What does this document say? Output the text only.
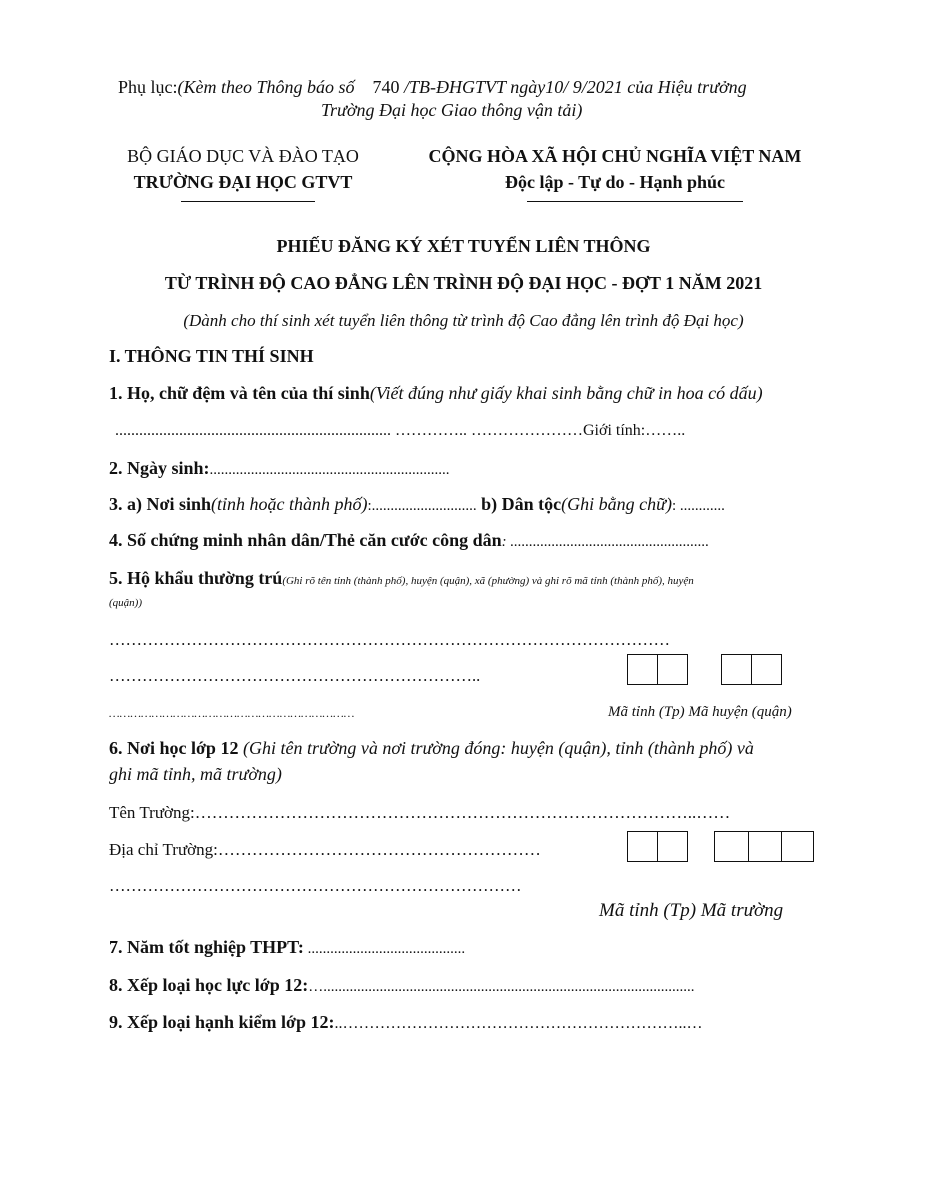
Phụ lục:(Kèm theo Thông báo số 740 /TB-ĐHGTVT ngày10/ 9/2021 của Hiệu trưởng
Trường Đại học Giao thông vận tải)
BỘ GIÁO DỤC VÀ ĐÀO TẠO
TRƯỜNG ĐẠI HỌC GTVT
CỘNG HÒA XÃ HỘI CHỦ NGHĨA VIỆT NAM
Độc lập - Tự do - Hạnh phúc
PHIẾU ĐĂNG KÝ XÉT TUYỂN LIÊN THÔNG
TỪ TRÌNH ĐỘ CAO ĐẲNG LÊN TRÌNH ĐỘ ĐẠI HỌC - ĐỢT 1 NĂM 2021
(Dành cho thí sinh xét tuyển liên thông từ trình độ Cao đẳng lên trình độ Đại học)
I. THÔNG TIN THÍ SINH
1. Họ, chữ đệm và tên của thí sinh(Viết đúng như giấy khai sinh bằng chữ in hoa có dấu)
..................................................................... ………….. …………………Giới tính:……..
2. Ngày sinh:................................................................
3. a) Nơi sinh(tỉnh hoặc thành phố):............................ b) Dân tộc(Ghi bằng chữ): ............
4. Số chứng minh nhân dân/Thẻ căn cước công dân: .....................................................
5. Hộ khẩu thường trú(Ghi rõ tên tỉnh (thành phố), huyện (quận), xã (phường) và ghi rõ mã tỉnh (thành phố), huyện
(quận))
…………………………………………………………………………………………
…………………………………………………………..
……………………………………………………………	Mã tỉnh (Tp) Mã huyện (quận)
6. Nơi học lớp 12 (Ghi tên trường và nơi trường đóng: huyện (quận), tỉnh (thành phố) và
ghi mã tỉnh, mã trường)
Tên Trường:……………………………………………………………………………..……
Địa chỉ Trường:…………………………………………………
…………………………………………………………………
Mã tỉnh (Tp) Mã trường
7. Năm tốt nghiệp THPT: ..........................................
8. Xếp loại học lực lớp 12:…...................................................................................................
9. Xếp loại hạnh kiểm lớp 12:..………………………………………………………..…
